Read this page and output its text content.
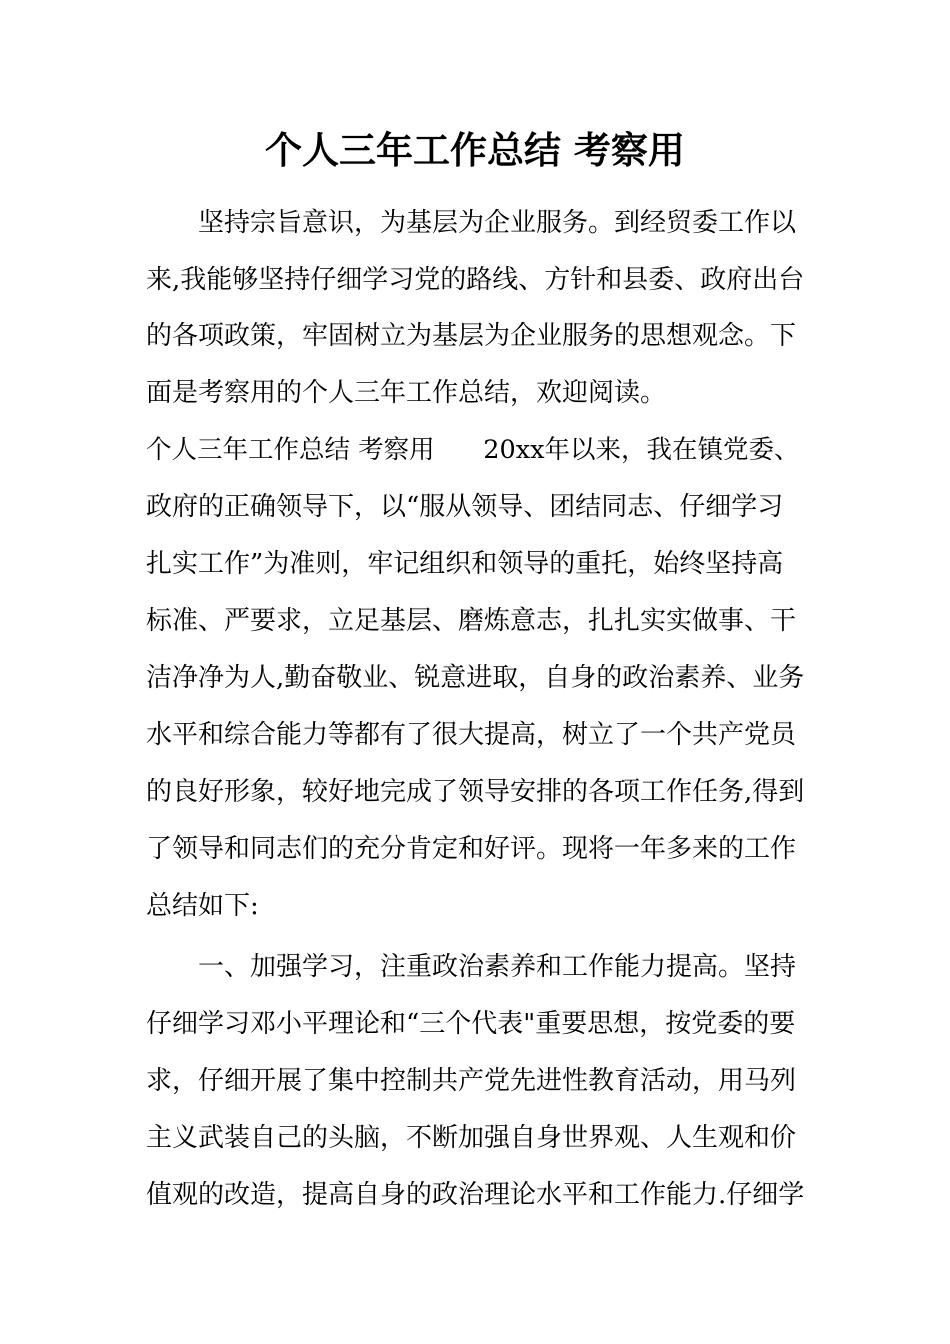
个人三年工作总结 考察用

坚持宗旨意识，为基层为企业服务。到经贸委工作以

来,我能够坚持仔细学习党的路线、方针和县委、政府出台

的各项政策，牢固树立为基层为企业服务的思想观念。下

面是考察用的个人三年工作总结，欢迎阅读。

个人三年工作总结 考察用      20xx年以来，我在镇党委、

政府的正确领导下，以“服从领导、团结同志、仔细学习

扎实工作”为准则，牢记组织和领导的重托，始终坚持高

标准、严要求，立足基层、磨炼意志，扎扎实实做事、干

洁净净为人,勤奋敬业、锐意进取，自身的政治素养、业务

水平和综合能力等都有了很大提高，树立了一个共产党员

的良好形象，较好地完成了领导安排的各项工作任务,得到

了领导和同志们的充分肯定和好评。现将一年多来的工作

总结如下:

一、加强学习，注重政治素养和工作能力提高。坚持

仔细学习邓小平理论和“三个代表"重要思想，按党委的要

求，仔细开展了集中控制共产党先进性教育活动，用马列

主义武装自己的头脑，不断加强自身世界观、人生观和价

值观的改造，提高自身的政治理论水平和工作能力.仔细学
